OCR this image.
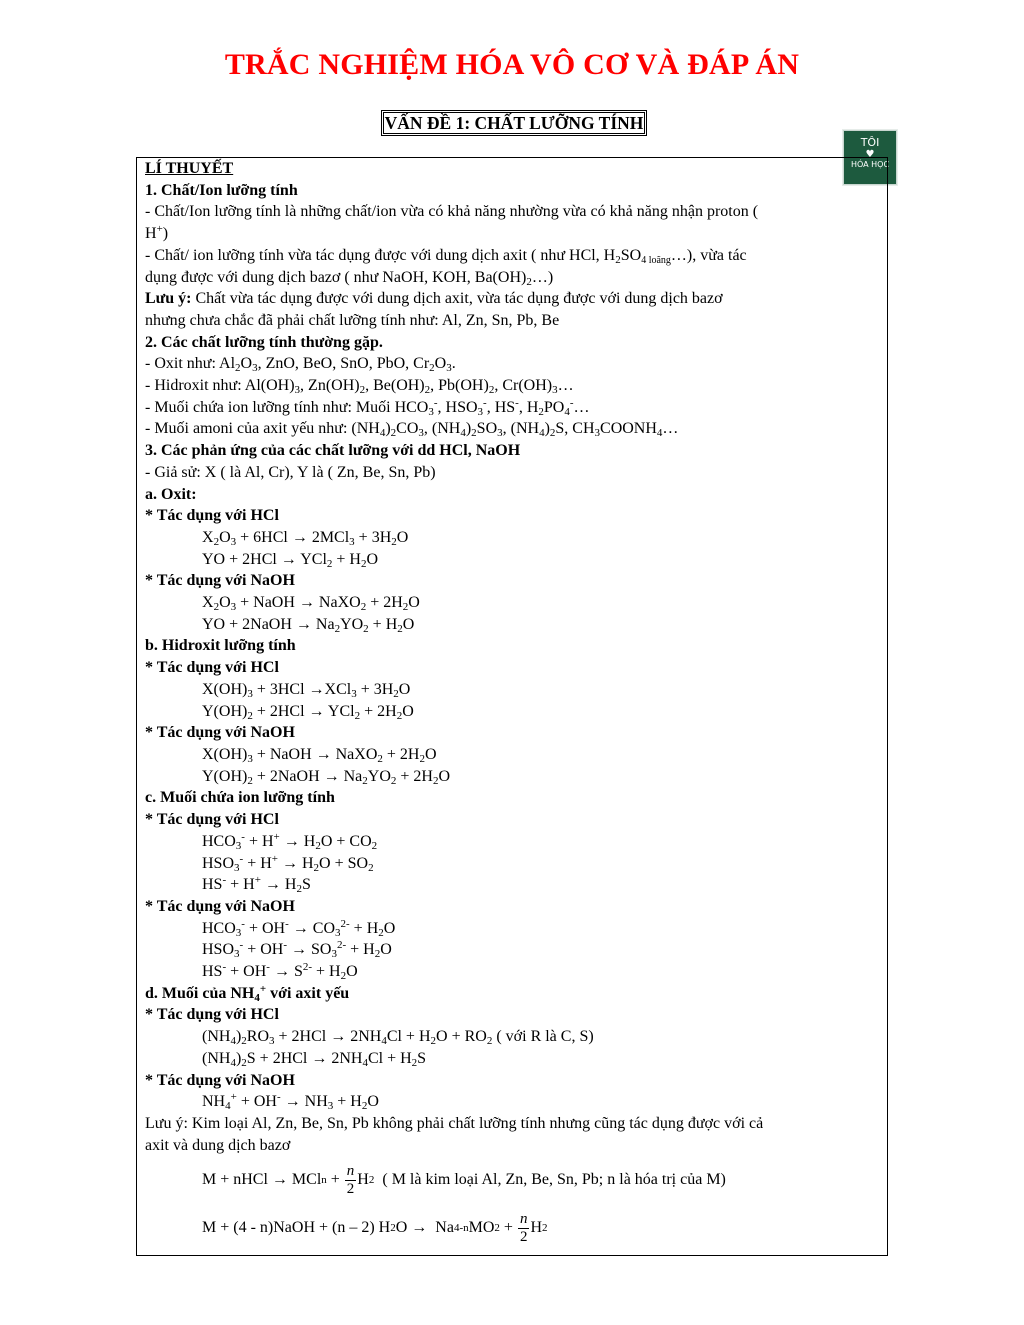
TRẮC NGHIỆM HÓA VÔ CƠ VÀ ĐÁP ÁN
VẤN ĐỀ 1: CHẤT LƯỠNG TÍNH
TÔI
♥
HÓA HỌC
LÍ THUYẾT
1. Chất/Ion lưỡng tính
- Chất/Ion lưỡng tính là những chất/ion vừa có khả năng nhường vừa có khả năng nhận proton (
H+)
- Chất/ ion lưỡng tính vừa tác dụng được với dung dịch axit ( như HCl, $H_2SO_{4 loãng}\dots$), vừa tác
dụng được với dung dịch bazơ ( như NaOH, KOH, $Ba(OH)_2\dots$)
Lưu ý: Chất vừa tác dụng được với dung dịch axit, vừa tác dụng được với dung dịch bazơ
nhưng chưa chắc đã phải chất lưỡng tính như: Al, Zn, Sn, Pb, Be
2. Các chất lưỡng tính thường gặp.
- Oxit như: $Al_2O_3$, ZnO, BeO, SnO, PbO, $Cr_2O_3$.
- Hidroxit như: $Al(OH)_3$, $Zn(OH)_2$, $Be(OH)_2$, $Pb(OH)_2$, $Cr(OH)_3\dots$
- Muối chứa ion lưỡng tính như: Muối $HCO_3^-$, $HSO_3^-$, HS-, $H_2PO_4^-\dots$
- Muối amoni của axit yếu như: $(NH_4)_2CO_3$, $(NH_4)_2SO_3$, $(NH_4)_2S$, $CH_3COONH_4\dots$
3. Các phản ứng của các chất lưỡng với dd HCl, NaOH
- Giả sử: X ( là Al, Cr), Y là ( Zn, Be, Sn, Pb)
a. Oxit:
* Tác dụng với HCl
$X_2O_3 + 6HCl \to 2MCl_3 + 3H_2O$
YO + $2HCl \to YCl_2 + H_2O$
* Tác dụng với NaOH
$X_2O_3$ + NaOH → NaXO$_2$ + $2H_2O$
YO + 2NaOH → $Na_2YO_2 + H_2O$
b. Hidroxit lưỡng tính
* Tác dụng với HCl
$X(OH)_3 + 3HCl \to XCl_3 + 3H_2O$
$Y(OH)_2 + 2HCl \to YCl_2 + 2H_2O$
* Tác dụng với NaOH
$X(OH)_3$ + NaOH → NaXO$_2$ + $2H_2O$
$Y(OH)_2$ + 2NaOH → $Na_2YO_2 + 2H_2O$
c. Muối chứa ion lưỡng tính
* Tác dụng với HCl
$HCO_3^- + H^+ \to H_2O + CO_2$
$HSO_3^- + H^+ \to H_2O + SO_2$
$HS^- + H^+ \to H_2S$
* Tác dụng với NaOH
$HCO_3^- + OH^- \to CO_3^{2-} + H_2O$
$HSO_3^- + OH^- \to SO_3^{2-} + H_2O$
$HS^- + OH^- \to S^{2-} + H_2O$
d. Muối của $NH_4^+$ với axit yếu
* Tác dụng với HCl
$(NH_4)_2RO_3 + 2HCl \to 2NH_4Cl + H_2O + RO_2$ ( với R là C, S)
$(NH_4)_2S + 2HCl \to 2NH_4Cl + H_2S$
* Tác dụng với NaOH
$NH_4^+ + OH^- \to NH_3 + H_2O$
Lưu ý: Kim loại Al, Zn, Be, Sn, Pb không phải chất lưỡng tính nhưng cũng tác dụng được với cả
axit và dung dịch bazơ
M + nHCl → MCl $n + \frac{n}{2}$ H 2 ( M là kim loại Al, Zn, Be, Sn, Pb; n là hóa trị của M)
M + (4 - n)NaOH + (n – 2) H 2 O →  Na 4-n MO $2 + \frac{n}{2}$ H 2
